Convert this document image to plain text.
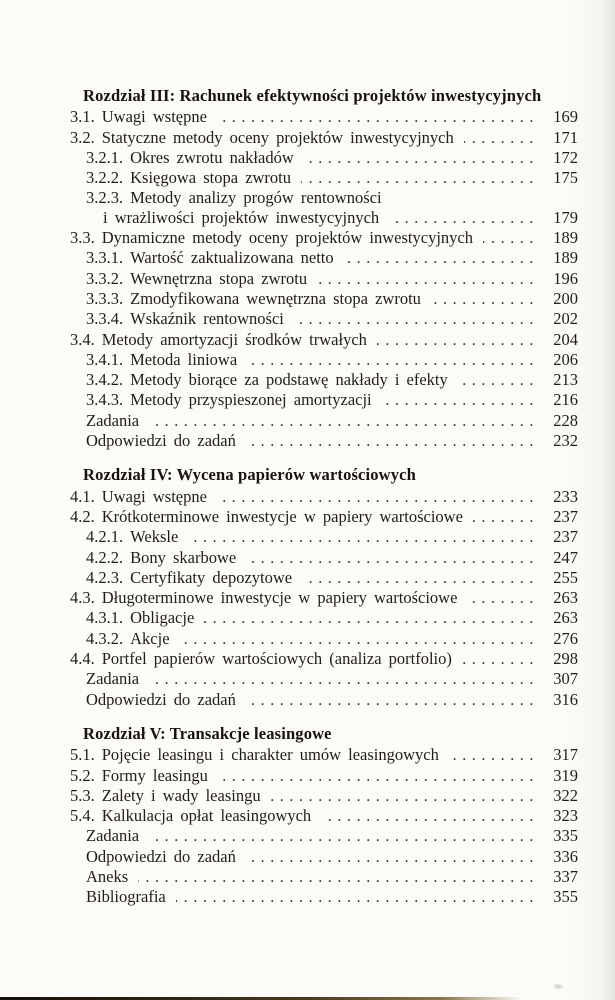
Rozdział III: Rachunek efektywności projektów inwestycyjnych
3.1. Uwagi wstępne .....	169
3.2. Statyczne metody oceny projektów inwestycyjnych .....	171
3.2.1. Okres zwrotu nakładów .....	172
3.2.2. Księgowa stopa zwrotu .....	175
3.2.3. Metody analizy progów rentowności
i wrażliwości projektów inwestycyjnych .....	179
3.3. Dynamiczne metody oceny projektów inwestycyjnych .....	189
3.3.1. Wartość zaktualizowana netto .....	189
3.3.2. Wewnętrzna stopa zwrotu .....	196
3.3.3. Zmodyfikowana wewnętrzna stopa zwrotu .....	200
3.3.4. Wskaźnik rentowności .....	202
3.4. Metody amortyzacji środków trwałych .....	204
3.4.1. Metoda liniowa .....	206
3.4.2. Metody biorące za podstawę nakłady i efekty .....	213
3.4.3. Metody przyspieszonej amortyzacji .....	216
Zadania .....	228
Odpowiedzi do zadań .....	232
Rozdział IV: Wycena papierów wartościowych
4.1. Uwagi wstępne .....	233
4.2. Krótkoterminowe inwestycje w papiery wartościowe .....	237
4.2.1. Weksle .....	237
4.2.2. Bony skarbowe .....	247
4.2.3. Certyfikaty depozytowe .....	255
4.3. Długoterminowe inwestycje w papiery wartościowe .....	263
4.3.1. Obligacje .....	263
4.3.2. Akcje .....	276
4.4. Portfel papierów wartościowych (analiza portfolio) .....	298
Zadania .....	307
Odpowiedzi do zadań .....	316
Rozdział V: Transakcje leasingowe
5.1. Pojęcie leasingu i charakter umów leasingowych .....	317
5.2. Formy leasingu .....	319
5.3. Zalety i wady leasingu .....	322
5.4. Kalkulacja opłat leasingowych .....	323
Zadania .....	335
Odpowiedzi do zadań .....	336
Aneks .....	337
Bibliografia .....	355
